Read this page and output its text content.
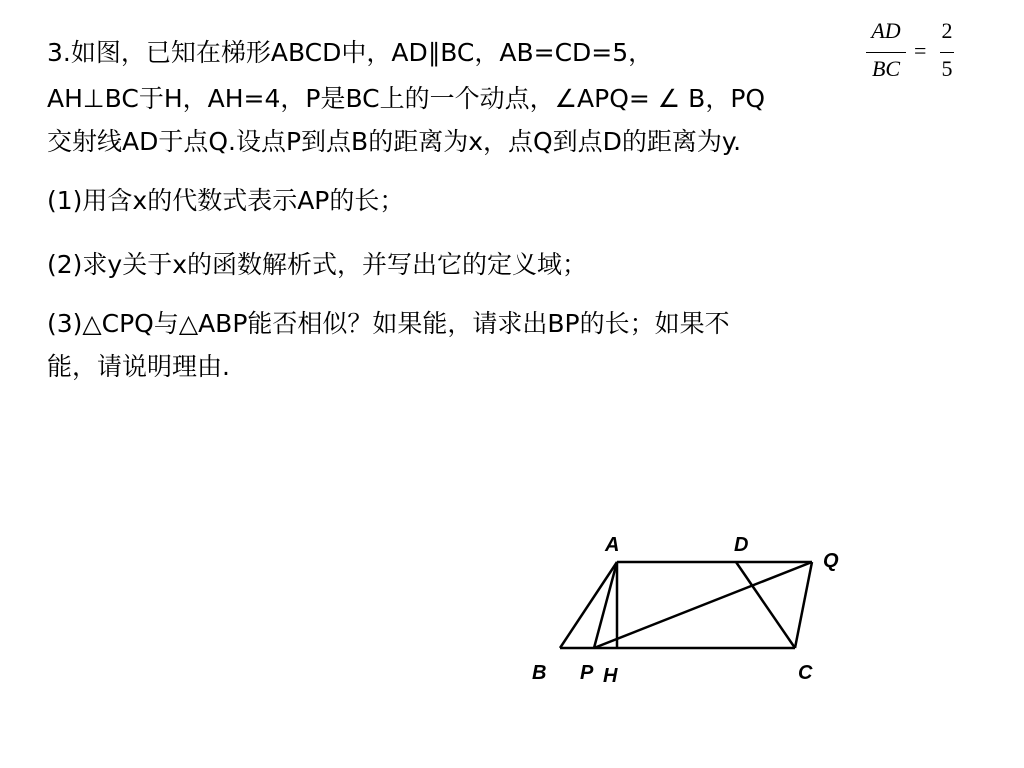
3.如图，已知在梯形ABCD中，AD∥BC，AB=CD=5，
AH⊥BC于H，AH=4，P是BC上的一个动点，∠APQ= ∠ B，PQ
交射线AD于点Q.设点P到点B的距离为x，点Q到点D的距离为y.
(1)用含x的代数式表示AP的长；
(2)求y关于x的函数解析式，并写出它的定义域；
(3)△CPQ与△ABP能否相似？如果能，请求出BP的长；如果不
能，请说明理由.
AD
BC
=
2
5
A	D
Q
B P H	C
